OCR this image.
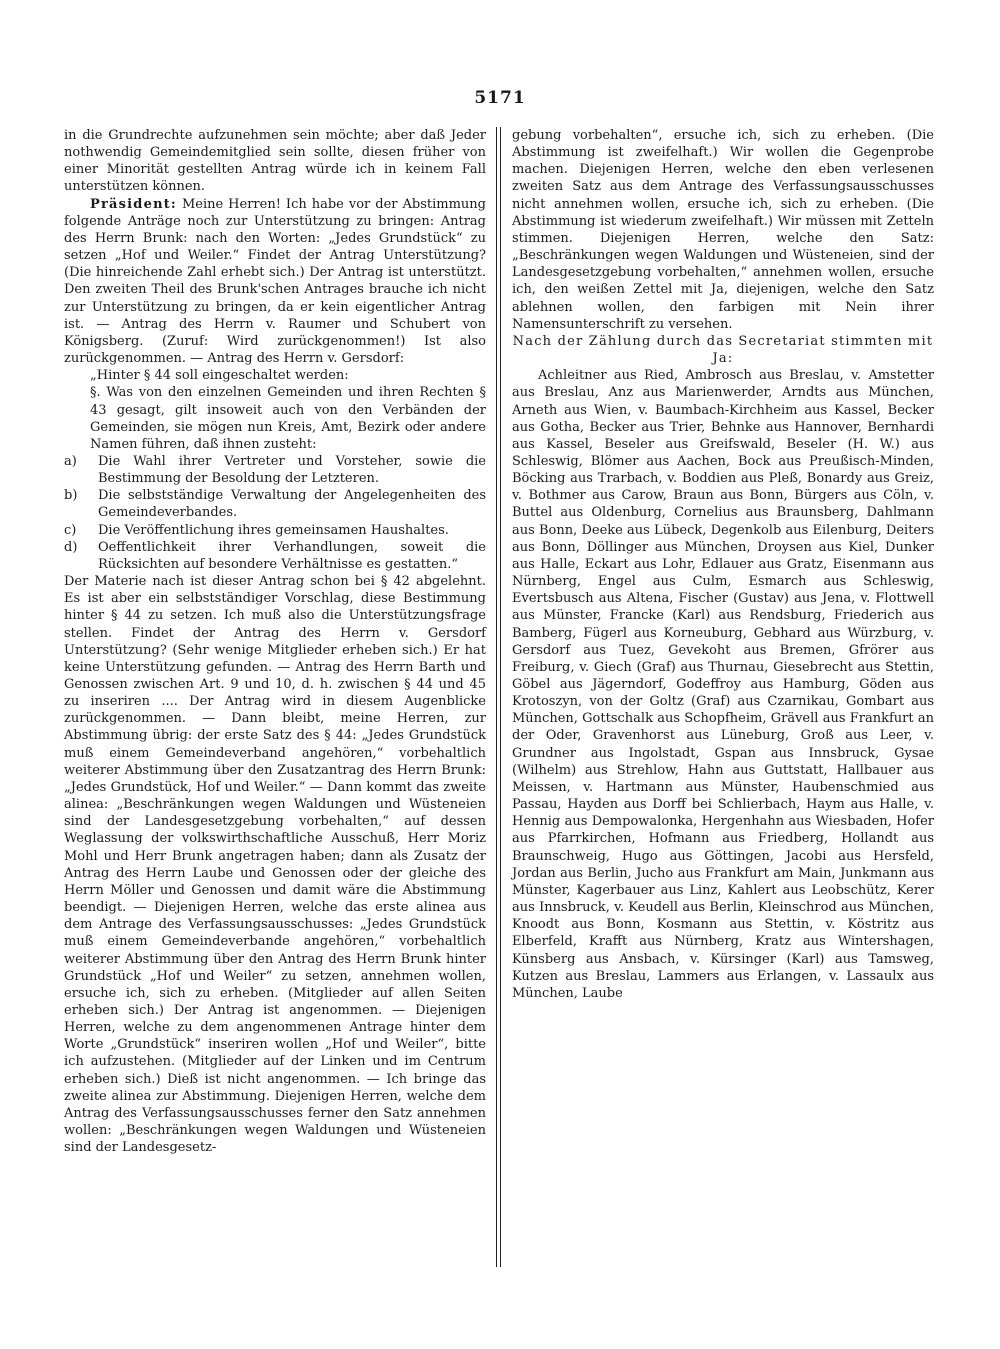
5171

in die Grundrechte aufzunehmen sein möchte; aber daß Jeder nothwendig Gemeindemitglied sein sollte, diesen früher von einer Minorität gestellten Antrag würde ich in keinem Fall unterstützen können.

Präsident: Meine Herren! Ich habe vor der Abstimmung folgende Anträge noch zur Unterstützung zu bringen: Antrag des Herrn Brunk: nach den Worten: „Jedes Grundstück“ zu setzen „Hof und Weiler.“ Findet der Antrag Unterstützung? (Die hinreichende Zahl erhebt sich.) Der Antrag ist unterstützt. Den zweiten Theil des Brunk'schen Antrages brauche ich nicht zur Unterstützung zu bringen, da er kein eigentlicher Antrag ist. — Antrag des Herrn v. Raumer und Schubert von Königsberg. (Zuruf: Wird zurückgenommen!) Ist also zurückgenommen. — Antrag des Herrn v. Gersdorf:

„Hinter § 44 soll eingeschaltet werden:

§. Was von den einzelnen Gemeinden und ihren Rechten § 43 gesagt, gilt insoweit auch von den Verbänden der Gemeinden, sie mögen nun Kreis, Amt, Bezirk oder andere Namen führen, daß ihnen zusteht:

a)	Die Wahl ihrer Vertreter und Vorsteher, sowie die Bestimmung der Besoldung der Letzteren.
b)	Die selbstständige Verwaltung der Angelegenheiten des Gemeindeverbandes.
c)	Die Veröffentlichung ihres gemeinsamen Haushaltes.
d)	Oeffentlichkeit ihrer Verhandlungen, soweit die Rücksichten auf besondere Verhältnisse es gestatten.“

Der Materie nach ist dieser Antrag schon bei § 42 abgelehnt. Es ist aber ein selbstständiger Vorschlag, diese Bestimmung hinter § 44 zu setzen. Ich muß also die Unterstützungsfrage stellen. Findet der Antrag des Herrn v. Gersdorf Unterstützung? (Sehr wenige Mitglieder erheben sich.) Er hat keine Unterstützung gefunden. — Antrag des Herrn Barth und Genossen zwischen Art. 9 und 10, d. h. zwischen § 44 und 45 zu inseriren .... Der Antrag wird in diesem Augenblicke zurückgenommen. — Dann bleibt, meine Herren, zur Abstimmung übrig: der erste Satz des § 44: „Jedes Grundstück muß einem Gemeindeverband angehören,“ vorbehaltlich weiterer Abstimmung über den Zusatzantrag des Herrn Brunk: „Jedes Grundstück, Hof und Weiler.“ — Dann kommt das zweite alinea: „Beschränkungen wegen Waldungen und Wüsteneien sind der Landesgesetzgebung vorbehalten,“ auf dessen Weglassung der volkswirthschaftliche Ausschuß, Herr Moriz Mohl und Herr Brunk angetragen haben; dann als Zusatz der Antrag des Herrn Laube und Genossen oder der gleiche des Herrn Möller und Genossen und damit wäre die Abstimmung beendigt. — Diejenigen Herren, welche das erste alinea aus dem Antrage des Verfassungsausschusses: „Jedes Grundstück muß einem Gemeindeverbande angehören,“ vorbehaltlich weiterer Abstimmung über den Antrag des Herrn Brunk hinter Grundstück „Hof und Weiler“ zu setzen, annehmen wollen, ersuche ich, sich zu erheben. (Mitglieder auf allen Seiten erheben sich.) Der Antrag ist angenommen. — Diejenigen Herren, welche zu dem angenommenen Antrage hinter dem Worte „Grundstück“ inseriren wollen „Hof und Weiler“, bitte ich aufzustehen. (Mitglieder auf der Linken und im Centrum erheben sich.) Dieß ist nicht angenommen. — Ich bringe das zweite alinea zur Abstimmung. Diejenigen Herren, welche dem Antrag des Verfassungsausschusses ferner den Satz annehmen wollen: „Beschränkungen wegen Waldungen und Wüsteneien sind der Landesgesetz-

gebung vorbehalten“, ersuche ich, sich zu erheben. (Die Abstimmung ist zweifelhaft.) Wir wollen die Gegenprobe machen. Diejenigen Herren, welche den eben verlesenen zweiten Satz aus dem Antrage des Verfassungsausschusses nicht annehmen wollen, ersuche ich, sich zu erheben. (Die Abstimmung ist wiederum zweifelhaft.) Wir müssen mit Zetteln stimmen. Diejenigen Herren, welche den Satz: „Beschränkungen wegen Waldungen und Wüsteneien, sind der Landesgesetzgebung vorbehalten,“ annehmen wollen, ersuche ich, den weißen Zettel mit Ja, diejenigen, welche den Satz ablehnen wollen, den farbigen mit Nein ihrer Namensunterschrift zu versehen.

Nach der Zählung durch das Secretariat stimmten mit Ja:

Achleitner aus Ried, Ambrosch aus Breslau, v. Amstetter aus Breslau, Anz aus Marienwerder, Arndts aus München, Arneth aus Wien, v. Baumbach-Kirchheim aus Kassel, Becker aus Gotha, Becker aus Trier, Behnke aus Hannover, Bernhardi aus Kassel, Beseler aus Greifswald, Beseler (H. W.) aus Schleswig, Blömer aus Aachen, Bock aus Preußisch-Minden, Böcking aus Trarbach, v. Boddien aus Pleß, Bonardy aus Greiz, v. Bothmer aus Carow, Braun aus Bonn, Bürgers aus Cöln, v. Buttel aus Oldenburg, Cornelius aus Braunsberg, Dahlmann aus Bonn, Deeke aus Lübeck, Degenkolb aus Eilenburg, Deiters aus Bonn, Döllinger aus München, Droysen aus Kiel, Dunker aus Halle, Eckart aus Lohr, Edlauer aus Gratz, Eisenmann aus Nürnberg, Engel aus Culm, Esmarch aus Schleswig, Evertsbusch aus Altena, Fischer (Gustav) aus Jena, v. Flottwell aus Münster, Francke (Karl) aus Rendsburg, Friederich aus Bamberg, Fügerl aus Korneuburg, Gebhard aus Würzburg, v. Gersdorf aus Tuez, Gevekoht aus Bremen, Gfrörer aus Freiburg, v. Giech (Graf) aus Thurnau, Giesebrecht aus Stettin, Göbel aus Jägerndorf, Godeffroy aus Hamburg, Göden aus Krotoszyn, von der Goltz (Graf) aus Czarnikau, Gombart aus München, Gottschalk aus Schopfheim, Grävell aus Frankfurt an der Oder, Gravenhorst aus Lüneburg, Groß aus Leer, v. Grundner aus Ingolstadt, Gspan aus Innsbruck, Gysae (Wilhelm) aus Strehlow, Hahn aus Guttstatt, Hallbauer aus Meissen, v. Hartmann aus Münster, Haubenschmied aus Passau, Hayden aus Dorff bei Schlierbach, Haym aus Halle, v. Hennig aus Dempowalonka, Hergenhahn aus Wiesbaden, Hofer aus Pfarrkirchen, Hofmann aus Friedberg, Hollandt aus Braunschweig, Hugo aus Göttingen, Jacobi aus Hersfeld, Jordan aus Berlin, Jucho aus Frankfurt am Main, Junkmann aus Münster, Kagerbauer aus Linz, Kahlert aus Leobschütz, Kerer aus Innsbruck, v. Keudell aus Berlin, Kleinschrod aus München, Knoodt aus Bonn, Kosmann aus Stettin, v. Köstritz aus Elberfeld, Krafft aus Nürnberg, Kratz aus Wintershagen, Künsberg aus Ansbach, v. Kürsinger (Karl) aus Tamsweg, Kutzen aus Breslau, Lammers aus Erlangen, v. Lassaulx aus München, Laube
